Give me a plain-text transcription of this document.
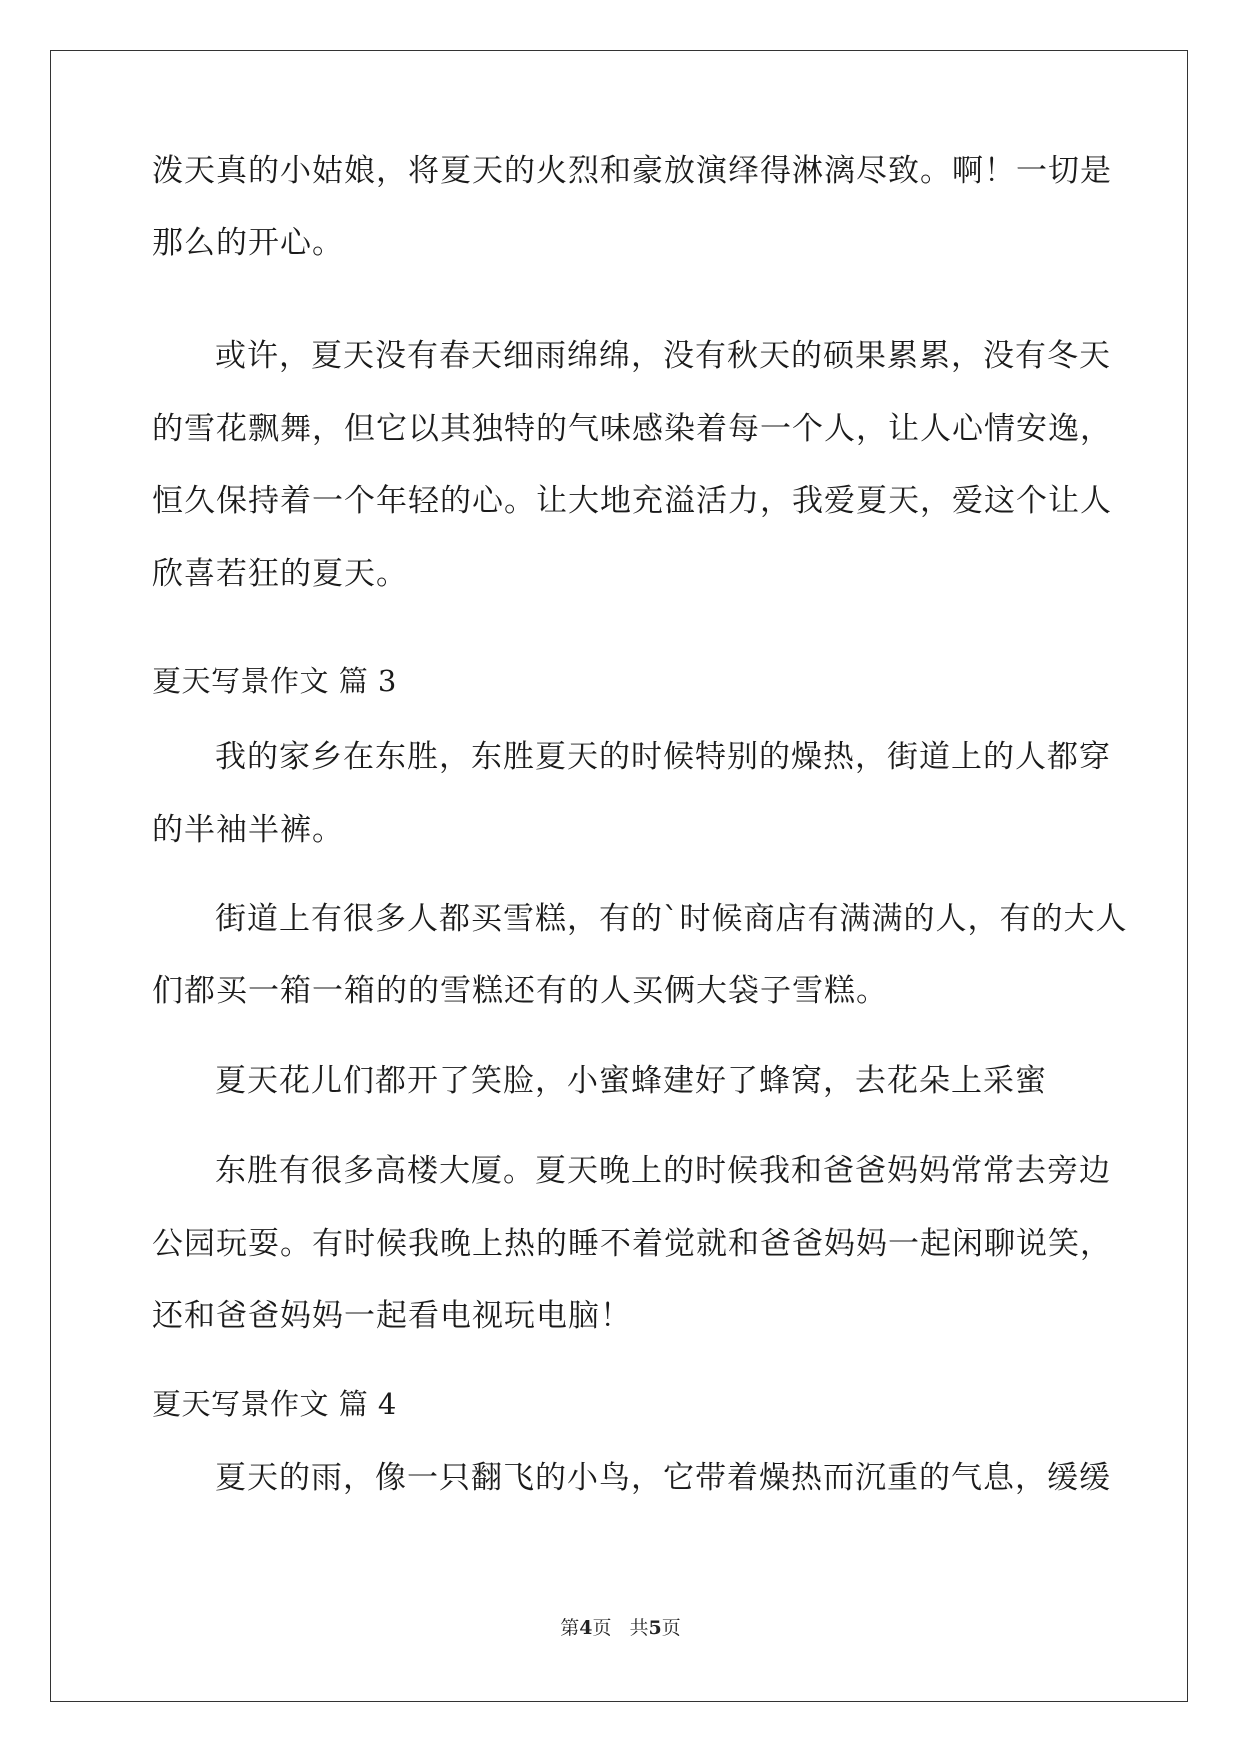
泼天真的小姑娘，将夏天的火烈和豪放演绎得淋漓尽致。啊！一切是
那么的开心。
或许，夏天没有春天细雨绵绵，没有秋天的硕果累累，没有冬天
的雪花飘舞，但它以其独特的气味感染着每一个人，让人心情安逸，
恒久保持着一个年轻的心。让大地充溢活力，我爱夏天，爱这个让人
欣喜若狂的夏天。
夏天写景作文 篇 3
我的家乡在东胜，东胜夏天的时候特别的燥热，街道上的人都穿
的半袖半裤。
街道上有很多人都买雪糕，有的`时候商店有满满的人，有的大人
们都买一箱一箱的的雪糕还有的人买俩大袋子雪糕。
夏天花儿们都开了笑脸，小蜜蜂建好了蜂窝，去花朵上采蜜
东胜有很多高楼大厦。夏天晚上的时候我和爸爸妈妈常常去旁边
公园玩耍。有时候我晚上热的睡不着觉就和爸爸妈妈一起闲聊说笑，
还和爸爸妈妈一起看电视玩电脑！
夏天写景作文 篇 4
夏天的雨，像一只翻飞的小鸟，它带着燥热而沉重的气息，缓缓
第4页 共5页
